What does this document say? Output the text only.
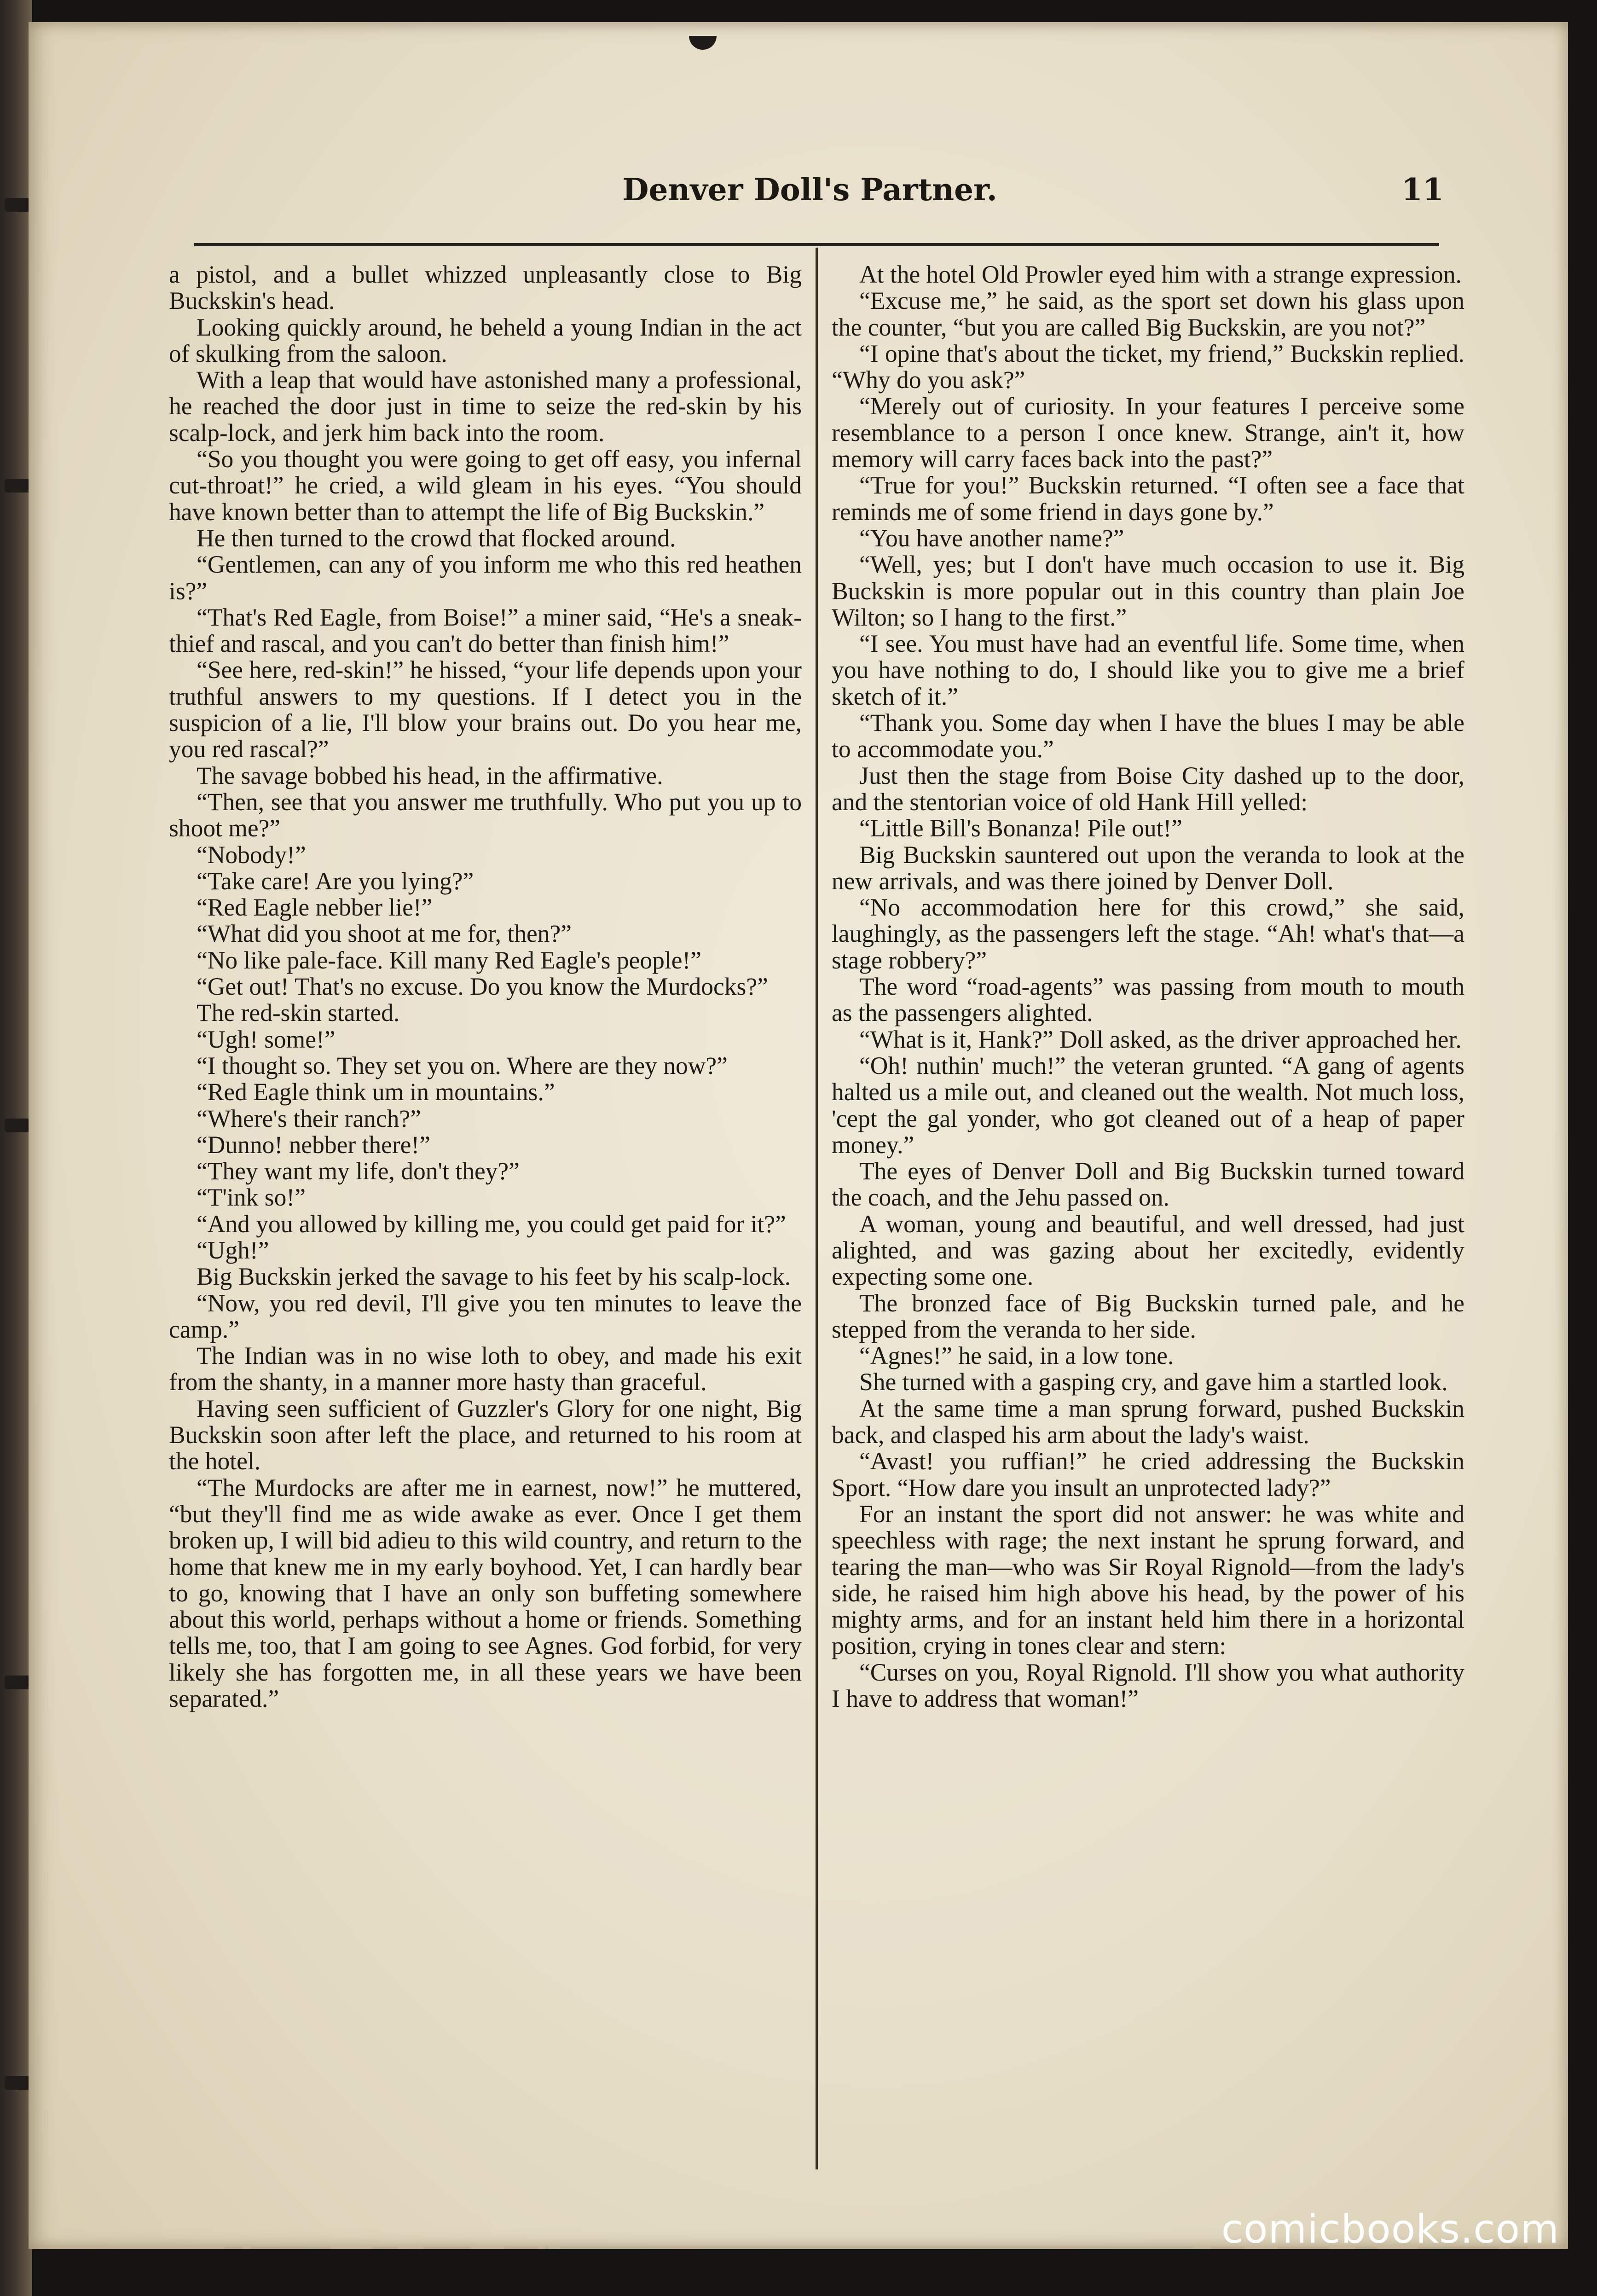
Denver Doll's Partner.	11

a pistol, and a bullet whizzed unpleasantly close to Big Buckskin's head.

Looking quickly around, he beheld a young Indian in the act of skulking from the saloon.

With a leap that would have astonished many a professional, he reached the door just in time to seize the red-skin by his scalp-lock, and jerk him back into the room.

“So you thought you were going to get off easy, you infernal cut-throat!” he cried, a wild gleam in his eyes. “You should have known better than to attempt the life of Big Buckskin.”

He then turned to the crowd that flocked around.

“Gentlemen, can any of you inform me who this red heathen is?”

“That's Red Eagle, from Boise!” a miner said, “He's a sneak-thief and rascal, and you can't do better than finish him!”

“See here, red-skin!” he hissed, “your life depends upon your truthful answers to my questions. If I detect you in the suspicion of a lie, I'll blow your brains out. Do you hear me, you red rascal?”

The savage bobbed his head, in the affirmative.

“Then, see that you answer me truthfully. Who put you up to shoot me?”

“Nobody!”

“Take care! Are you lying?”

“Red Eagle nebber lie!”

“What did you shoot at me for, then?”

“No like pale-face. Kill many Red Eagle's people!”

“Get out! That's no excuse. Do you know the Murdocks?”

The red-skin started.

“Ugh! some!”

“I thought so. They set you on. Where are they now?”

“Red Eagle think um in mountains.”

“Where's their ranch?”

“Dunno! nebber there!”

“They want my life, don't they?”

“T'ink so!”

“And you allowed by killing me, you could get paid for it?”

“Ugh!”

Big Buckskin jerked the savage to his feet by his scalp-lock.

“Now, you red devil, I'll give you ten minutes to leave the camp.”

The Indian was in no wise loth to obey, and made his exit from the shanty, in a manner more hasty than graceful.

Having seen sufficient of Guzzler's Glory for one night, Big Buckskin soon after left the place, and returned to his room at the hotel.

“The Murdocks are after me in earnest, now!” he muttered, “but they'll find me as wide awake as ever. Once I get them broken up, I will bid adieu to this wild country, and return to the home that knew me in my early boyhood. Yet, I can hardly bear to go, knowing that I have an only son buffeting somewhere about this world, perhaps without a home or friends. Something tells me, too, that I am going to see Agnes. God forbid, for very likely she has forgotten me, in all these years we have been separated.”

At the hotel Old Prowler eyed him with a strange expression.

“Excuse me,” he said, as the sport set down his glass upon the counter, “but you are called Big Buckskin, are you not?”

“I opine that's about the ticket, my friend,” Buckskin replied. “Why do you ask?”

“Merely out of curiosity. In your features I perceive some resemblance to a person I once knew. Strange, ain't it, how memory will carry faces back into the past?”

“True for you!” Buckskin returned. “I often see a face that reminds me of some friend in days gone by.”

“You have another name?”

“Well, yes; but I don't have much occasion to use it. Big Buckskin is more popular out in this country than plain Joe Wilton; so I hang to the first.”

“I see. You must have had an eventful life. Some time, when you have nothing to do, I should like you to give me a brief sketch of it.”

“Thank you. Some day when I have the blues I may be able to accommodate you.”

Just then the stage from Boise City dashed up to the door, and the stentorian voice of old Hank Hill yelled:

“Little Bill's Bonanza! Pile out!”

Big Buckskin sauntered out upon the veranda to look at the new arrivals, and was there joined by Denver Doll.

“No accommodation here for this crowd,” she said, laughingly, as the passengers left the stage. “Ah! what's that—a stage robbery?”

The word “road-agents” was passing from mouth to mouth as the passengers alighted.

“What is it, Hank?” Doll asked, as the driver approached her.

“Oh! nuthin' much!” the veteran grunted. “A gang of agents halted us a mile out, and cleaned out the wealth. Not much loss, 'cept the gal yonder, who got cleaned out of a heap of paper money.”

The eyes of Denver Doll and Big Buckskin turned toward the coach, and the Jehu passed on.

A woman, young and beautiful, and well dressed, had just alighted, and was gazing about her excitedly, evidently expecting some one.

The bronzed face of Big Buckskin turned pale, and he stepped from the veranda to her side.

“Agnes!” he said, in a low tone.

She turned with a gasping cry, and gave him a startled look.

At the same time a man sprung forward, pushed Buckskin back, and clasped his arm about the lady's waist.

“Avast! you ruffian!” he cried addressing the Buckskin Sport. “How dare you insult an unprotected lady?”

For an instant the sport did not answer: he was white and speechless with rage; the next instant he sprung forward, and tearing the man—who was Sir Royal Rignold—from the lady's side, he raised him high above his head, by the power of his mighty arms, and for an instant held him there in a horizontal position, crying in tones clear and stern:

“Curses on you, Royal Rignold. I'll show you what authority I have to address that woman!”

comicbooks.com
